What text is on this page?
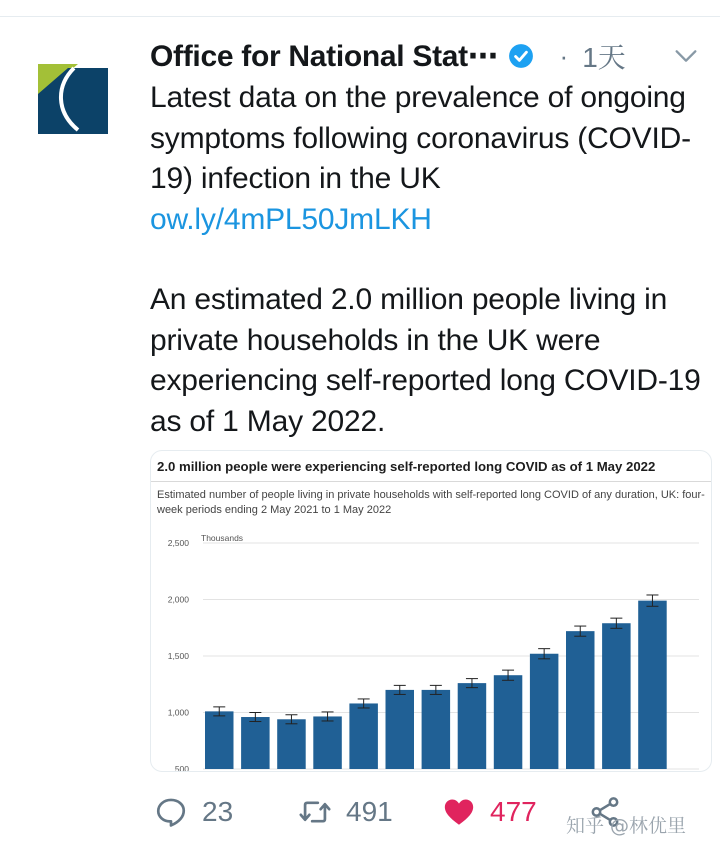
Office for National Stat⋯ · 1天

Latest data on the prevalence of ongoing symptoms following coronavirus (COVID-19) infection in the UK ow.ly/4mPL50JmLKH

An estimated 2.0 million people living in private households in the UK were experiencing self-reported long COVID-19 as of 1 May 2022.

2.0 million people were experiencing self-reported long COVID as of 1 May 2022
Estimated number of people living in private households with self-reported long COVID of any duration, UK: four-week periods ending 2 May 2021 to 1 May 2022
500
1,000
1,500
2,000
2,500 Thousands
23	491	477 知乎 @林优里
